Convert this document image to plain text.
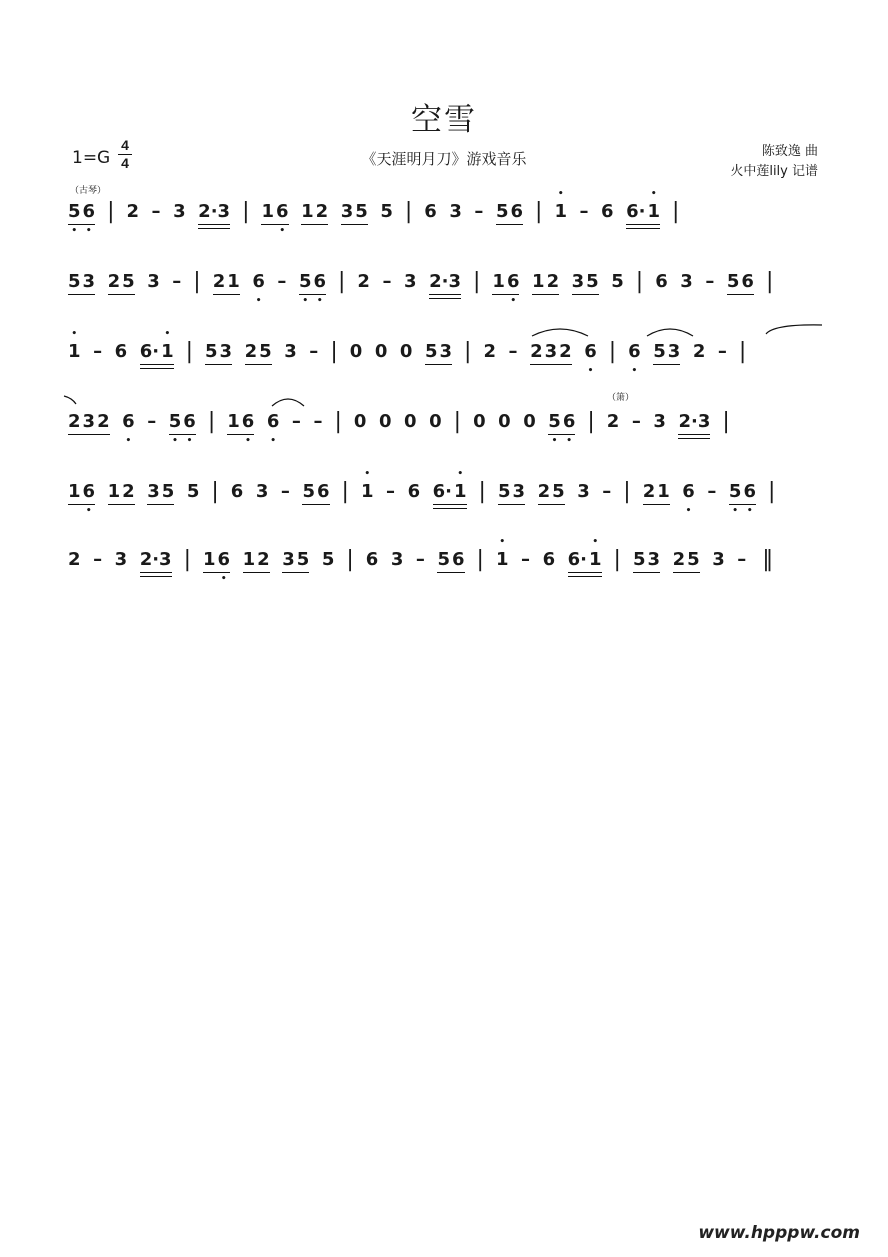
空雪
1=G
4
4	《天涯明月刀》游戏音乐	陈致逸 曲
火中莲lily 记谱
（古琴）
（箫）
• 5 • 6 | 2 – 3
2·3 | 1 • 6
1 2
3 5
5 | 6
3 – 5 6 | • 1 – 6
6· • 1 |
5 3
2 5
3 – | 2 1
• 6 – • 5 • 6 | 2 – 3
2·3 | 1 • 6
1 2
3 5
5 | 6
3 – 5 6 |
• 1 – 6
6· • 1 | 5 3
2 5
3 – | 0
0
0
5 3 | 2 – 2 3 2
• 6 | • 6
5 3
2 – |
2 3 2
• 6 – • 5 • 6 | 1 • 6
• 6 –  – | 0
0
0
0 | 0
0
0
• 5 • 6 | 2 – 3
2·3 |
1 • 6
1 2
3 5
5 | 6
3 – 5 6 | • 1 – 6
6· • 1 | 5 3
2 5
3 – | 2 1
• 6 – • 5 • 6 |
2 – 3
2·3 | 1 • 6
1 2
3 5
5 | 6
3 – 5 6 | • 1 – 6
6· • 1 | 5 3
2 5
3 – ‖
www.hpppw.com
